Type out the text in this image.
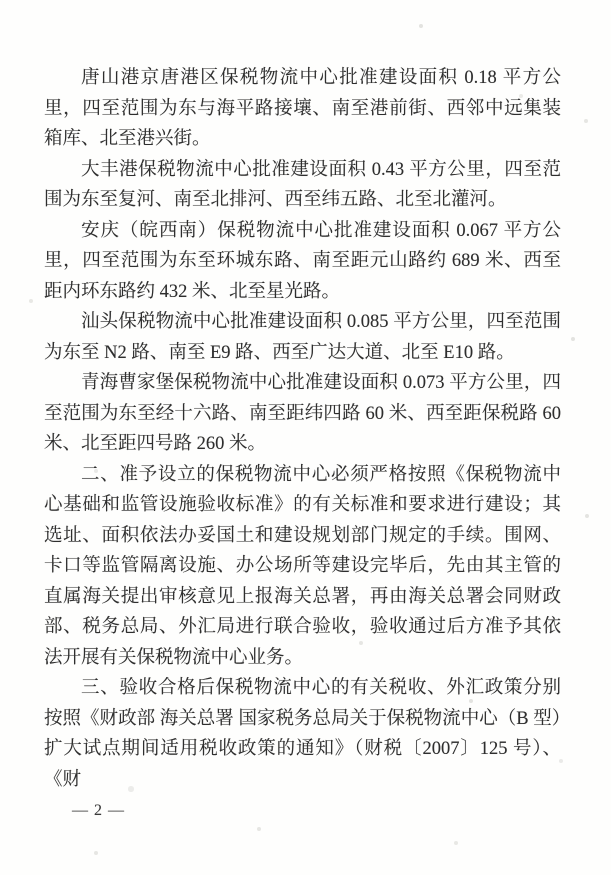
唐山港京唐港区保税物流中心批准建设面积 0.18 平方公里，四至范围为东与海平路接壤、南至港前街、西邻中远集装箱库、北至港兴街。

大丰港保税物流中心批准建设面积 0.43 平方公里，四至范围为东至复河、南至北排河、西至纬五路、北至北灌河。

安庆（皖西南）保税物流中心批准建设面积 0.067 平方公里，四至范围为东至环城东路、南至距元山路约 689 米、西至距内环东路约 432 米、北至星光路。

汕头保税物流中心批准建设面积 0.085 平方公里，四至范围为东至 N2 路、南至 E9 路、西至广达大道、北至 E10 路。

青海曹家堡保税物流中心批准建设面积 0.073 平方公里，四至范围为东至经十六路、南至距纬四路 60 米、西至距保税路 60 米、北至距四号路 260 米。

二、准予设立的保税物流中心必须严格按照《保税物流中心基础和监管设施验收标准》的有关标准和要求进行建设；其选址、面积依法办妥国土和建设规划部门规定的手续。围网、卡口等监管隔离设施、办公场所等建设完毕后，先由其主管的直属海关提出审核意见上报海关总署，再由海关总署会同财政部、税务总局、外汇局进行联合验收，验收通过后方准予其依法开展有关保税物流中心业务。

三、验收合格后保税物流中心的有关税收、外汇政策分别按照《财政部 海关总署 国家税务总局关于保税物流中心（B 型）扩大试点期间适用税收政策的通知》（财税〔2007〕125 号）、《财

— 2 —
